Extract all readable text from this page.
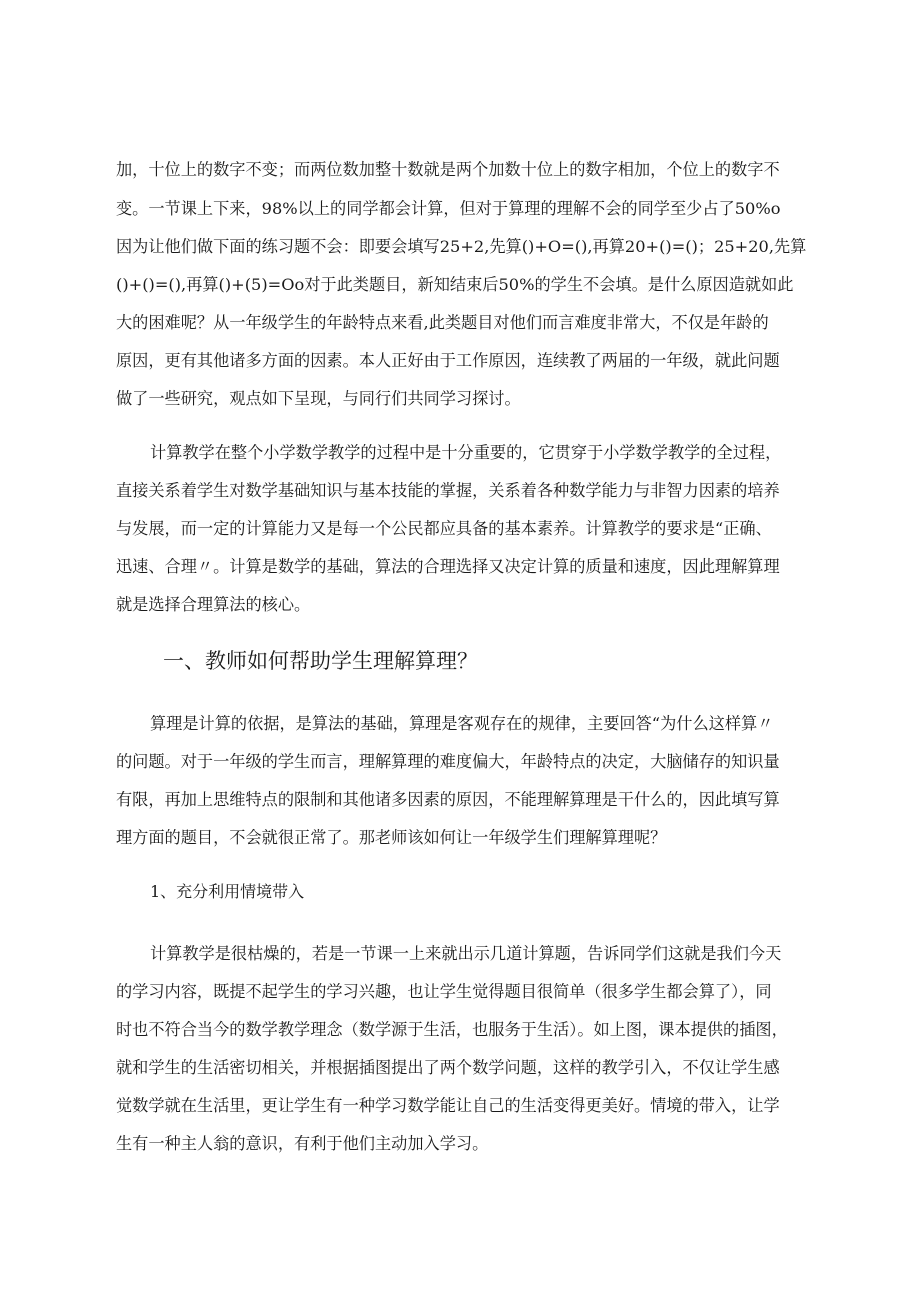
加，十位上的数字不变；而两位数加整十数就是两个加数十位上的数字相加，个位上的数字不
变。一节课上下来，98%以上的同学都会计算，但对于算理的理解不会的同学至少占了50%o
因为让他们做下面的练习题不会：即要会填写25+2,先算()+O=(),再算20+()=()；25+20,先算
()+()=(),再算()+(5)=Oo对于此类题目，新知结束后50%的学生不会填。是什么原因造就如此
大的困难呢？从一年级学生的年龄特点来看,此类题目对他们而言难度非常大，不仅是年龄的
原因，更有其他诸多方面的因素。本人正好由于工作原因，连续教了两届的一年级，就此问题
做了一些研究，观点如下呈现，与同行们共同学习探讨。
计算教学在整个小学数学教学的过程中是十分重要的，它贯穿于小学数学教学的全过程，
直接关系着学生对数学基础知识与基本技能的掌握，关系着各种数学能力与非智力因素的培养
与发展，而一定的计算能力又是每一个公民都应具备的基本素养。计算教学的要求是“正确、
迅速、合理〃。计算是数学的基础，算法的合理选择又决定计算的质量和速度，因此理解算理
就是选择合理算法的核心。
一、教师如何帮助学生理解算理？
算理是计算的依据，是算法的基础，算理是客观存在的规律，主要回答“为什么这样算〃
的问题。对于一年级的学生而言，理解算理的难度偏大，年龄特点的决定，大脑储存的知识量
有限，再加上思维特点的限制和其他诸多因素的原因，不能理解算理是干什么的，因此填写算
理方面的题目，不会就很正常了。那老师该如何让一年级学生们理解算理呢？
1、充分利用情境带入
计算教学是很枯燥的，若是一节课一上来就出示几道计算题，告诉同学们这就是我们今天
的学习内容，既提不起学生的学习兴趣，也让学生觉得题目很简单（很多学生都会算了），同
时也不符合当今的数学教学理念（数学源于生活，也服务于生活）。如上图，课本提供的插图，
就和学生的生活密切相关，并根据插图提出了两个数学问题，这样的教学引入，不仅让学生感
觉数学就在生活里，更让学生有一种学习数学能让自己的生活变得更美好。情境的带入，让学
生有一种主人翁的意识，有利于他们主动加入学习。
